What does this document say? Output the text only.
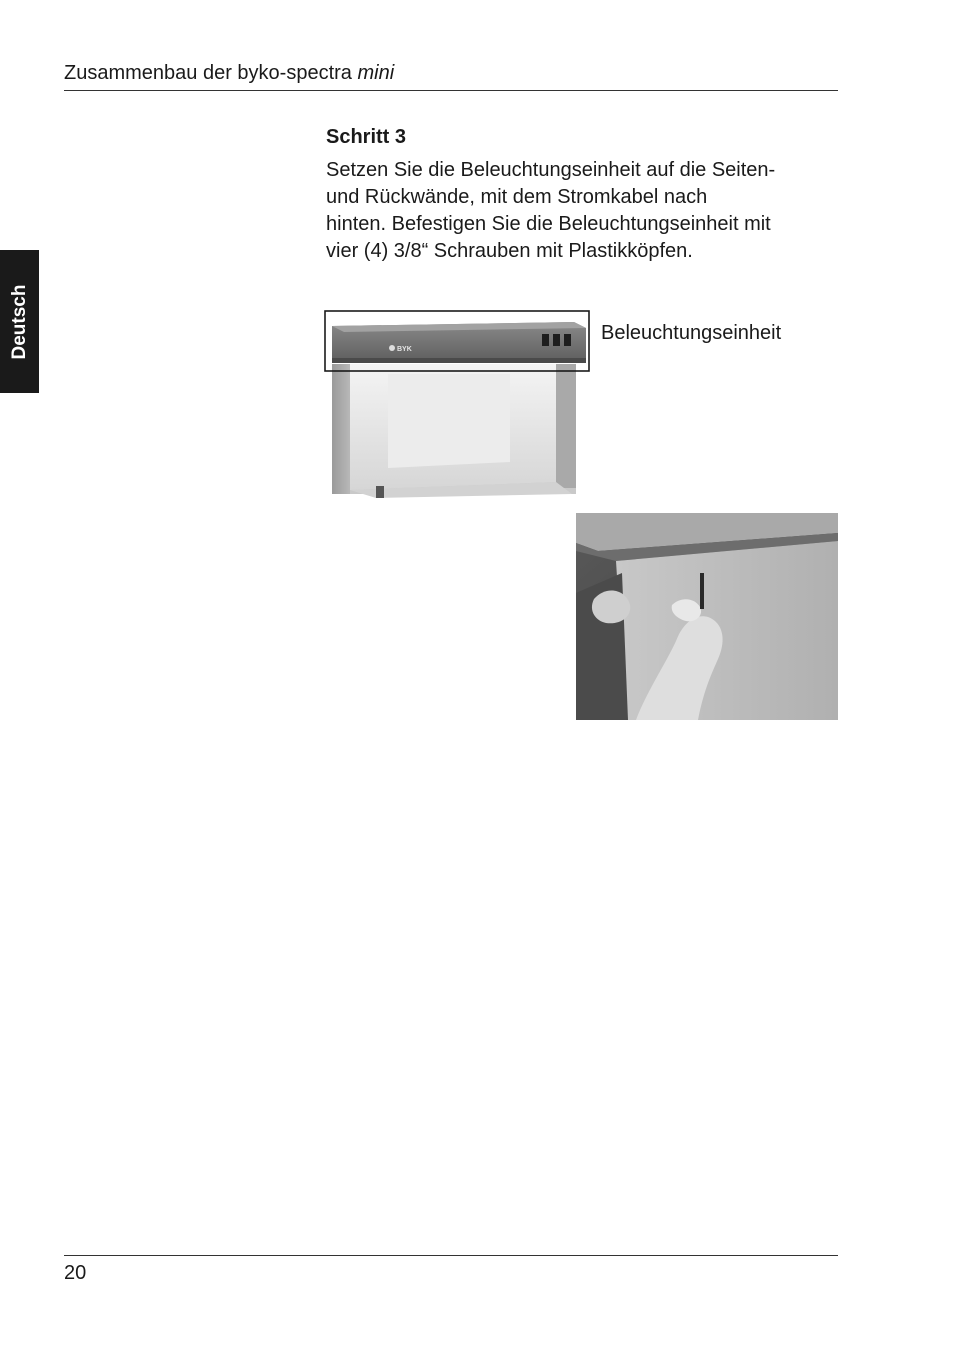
Zusammenbau der byko-spectra mini
Deutsch
Schritt 3
Setzen Sie die Beleuchtungseinheit auf die Seiten-
und Rückwände, mit dem Stromkabel nach
hinten. Befestigen Sie die Beleuchtungseinheit mit
vier (4) 3/8“ Schrauben mit Plastikköpfen.
BYK
Beleuchtungseinheit
20
